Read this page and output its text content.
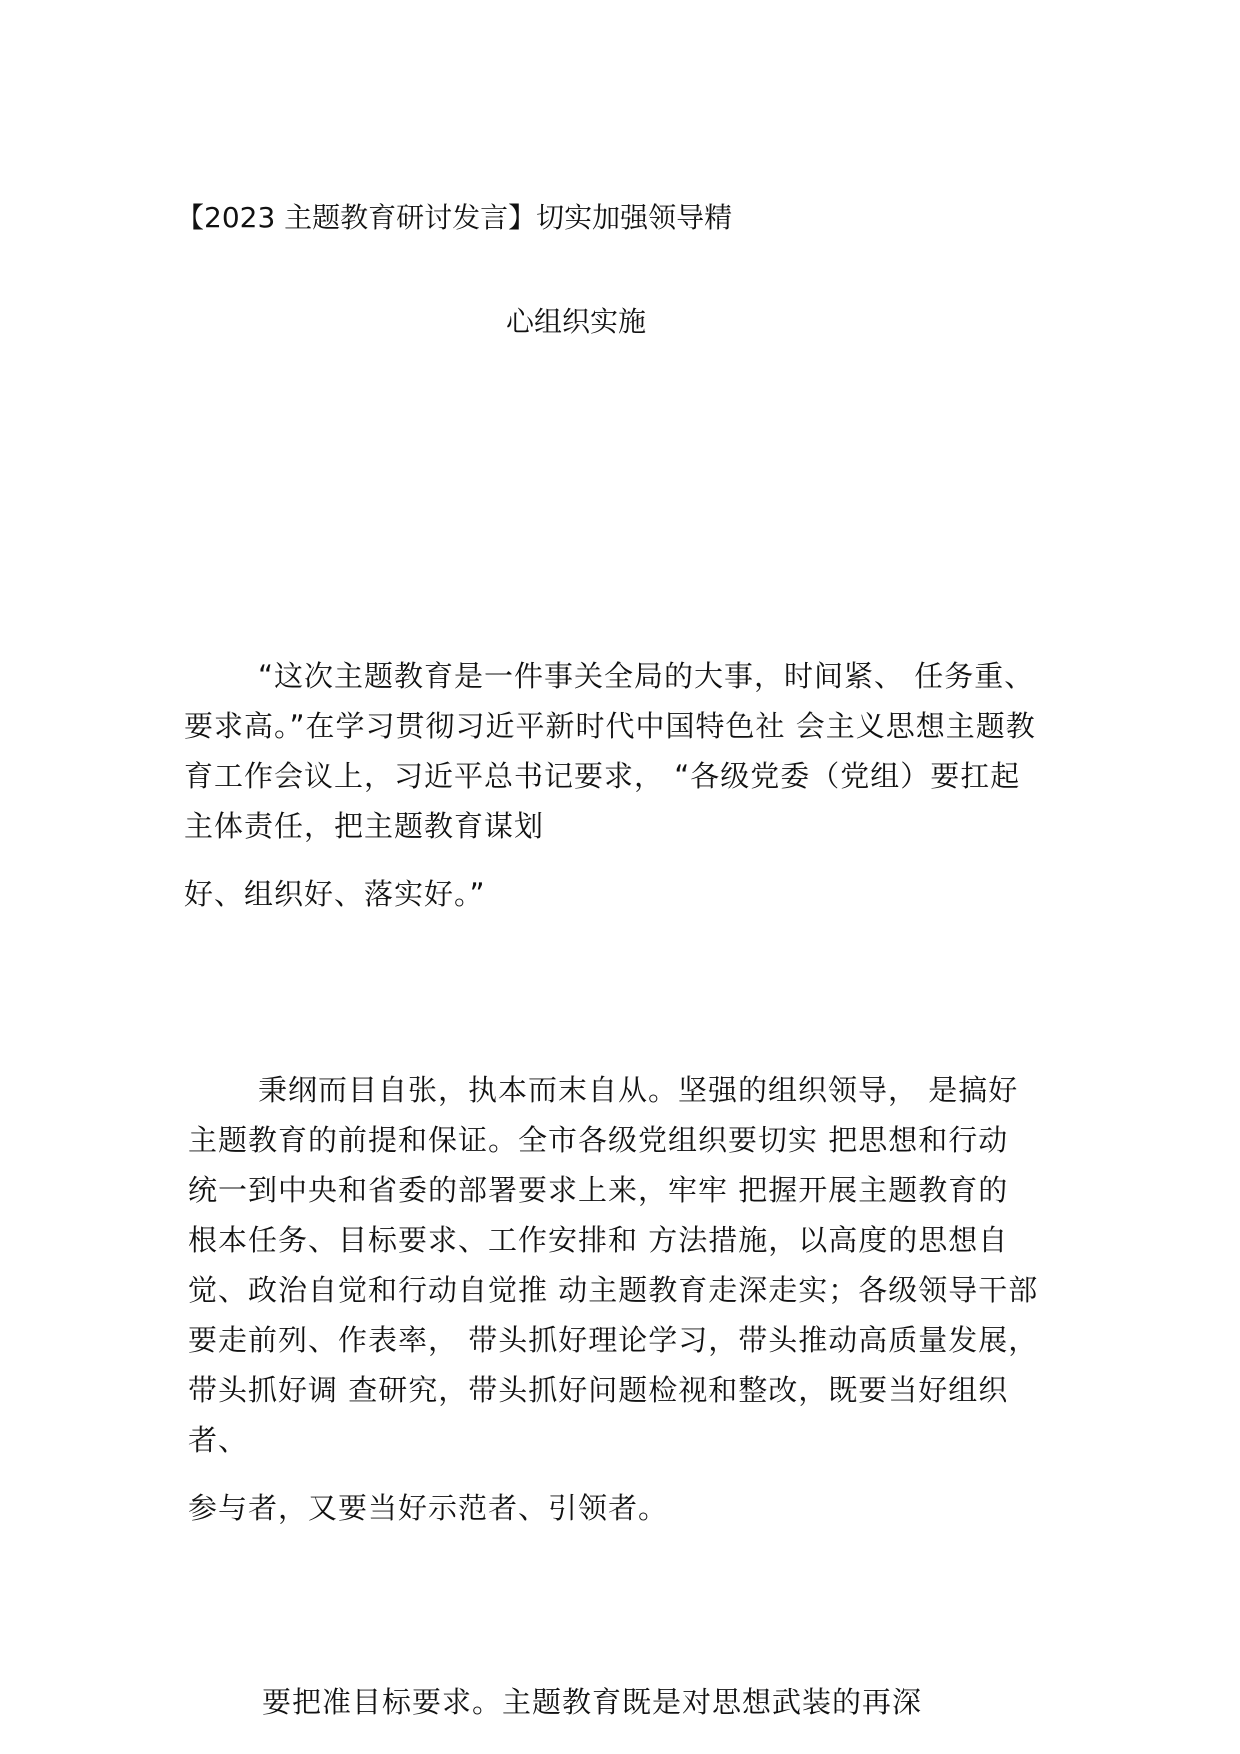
【2023 主题教育研讨发言】切实加强领导精
心组织实施
“这次主题教育是一件事关全局的大事，时间紧、 任务重、
要求高。”在学习贯彻习近平新时代中国特色社 会主义思想主题教
育工作会议上，习近平总书记要求， “各级党委（党组）要扛起
主体责任，把主题教育谋划
好、组织好、落实好。”
秉纲而目自张，执本而末自从。坚强的组织领导， 是搞好
主题教育的前提和保证。全市各级党组织要切实 把思想和行动
统一到中央和省委的部署要求上来，牢牢 把握开展主题教育的
根本任务、目标要求、工作安排和 方法措施，以高度的思想自
觉、政治自觉和行动自觉推 动主题教育走深走实；各级领导干部
要走前列、作表率， 带头抓好理论学习，带头推动高质量发展，
带头抓好调 查研究，带头抓好问题检视和整改，既要当好组织
者、
参与者，又要当好示范者、引领者。
要把准目标要求。主题教育既是对思想武装的再深
